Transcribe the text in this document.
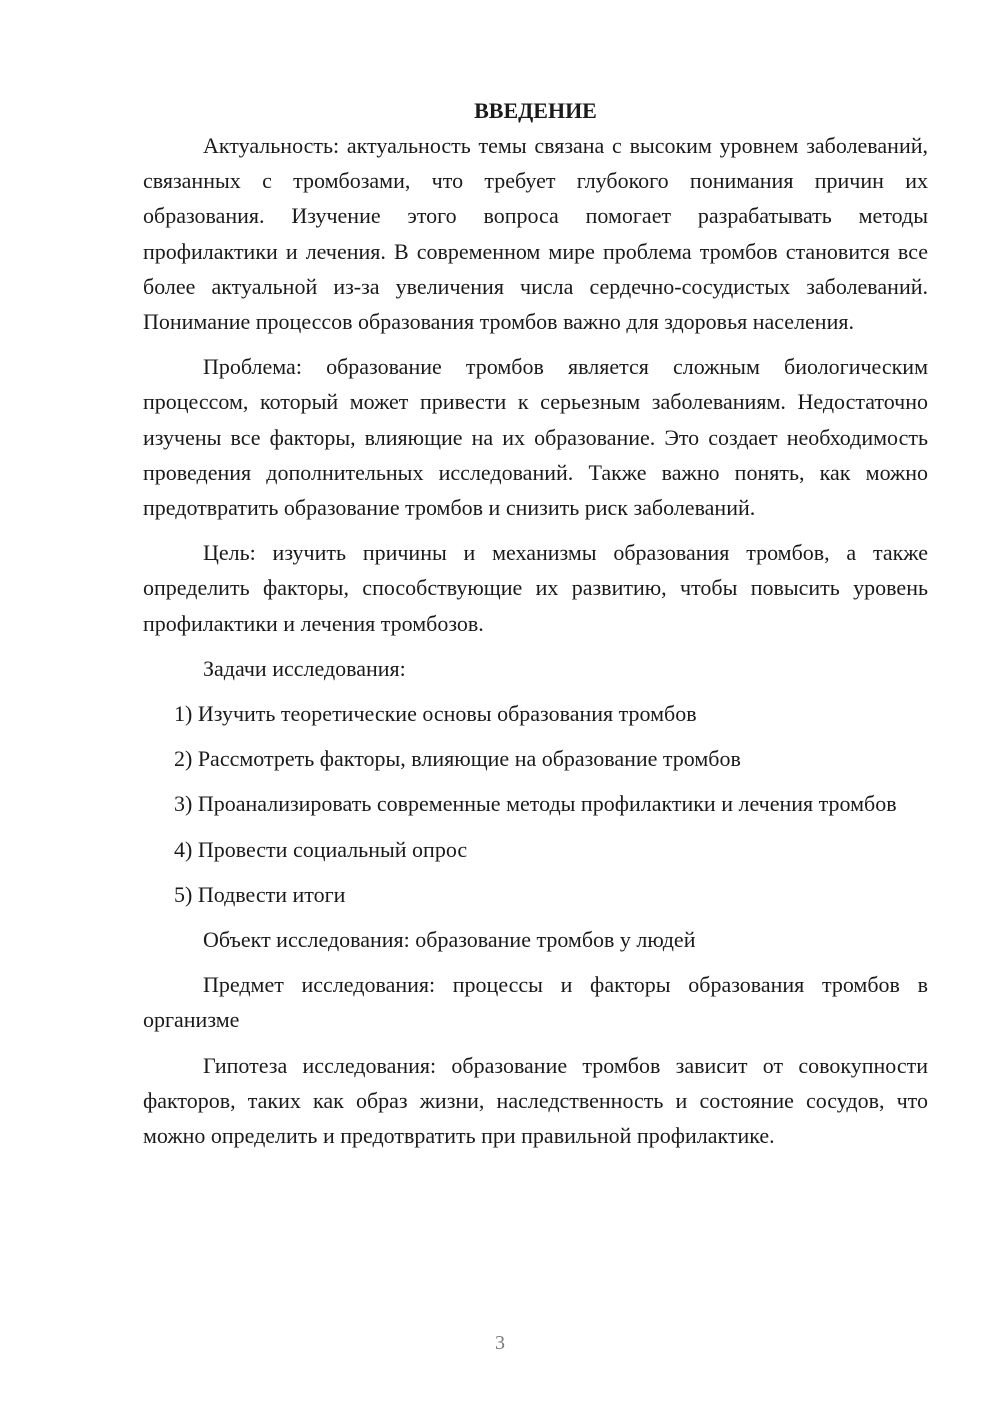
ВВЕДЕНИЕ

Актуальность: актуальность темы связана с высоким уровнем заболеваний, связанных с тромбозами, что требует глубокого понимания причин их образования. Изучение этого вопроса помогает разрабатывать методы профилактики и лечения. В современном мире проблема тромбов становится все более актуальной из-за увеличения числа сердечно-сосудистых заболеваний. Понимание процессов образования тромбов важно для здоровья населения.

Проблема: образование тромбов является сложным биологическим процессом, который может привести к серьезным заболеваниям. Недостаточно изучены все факторы, влияющие на их образование. Это создает необходимость проведения дополнительных исследований. Также важно понять, как можно предотвратить образование тромбов и снизить риск заболеваний.

Цель: изучить причины и механизмы образования тромбов, а также определить факторы, способствующие их развитию, чтобы повысить уровень профилактики и лечения тромбозов.

Задачи исследования:

1) Изучить теоретические основы образования тромбов

2) Рассмотреть факторы, влияющие на образование тромбов

3) Проанализировать современные методы профилактики и лечения тромбов

4) Провести социальный опрос

5) Подвести итоги

Объект исследования: образование тромбов у людей

Предмет исследования: процессы и факторы образования тромбов в организме

Гипотеза исследования: образование тромбов зависит от совокупности факторов, таких как образ жизни, наследственность и состояние сосудов, что можно определить и предотвратить при правильной профилактике.

3
